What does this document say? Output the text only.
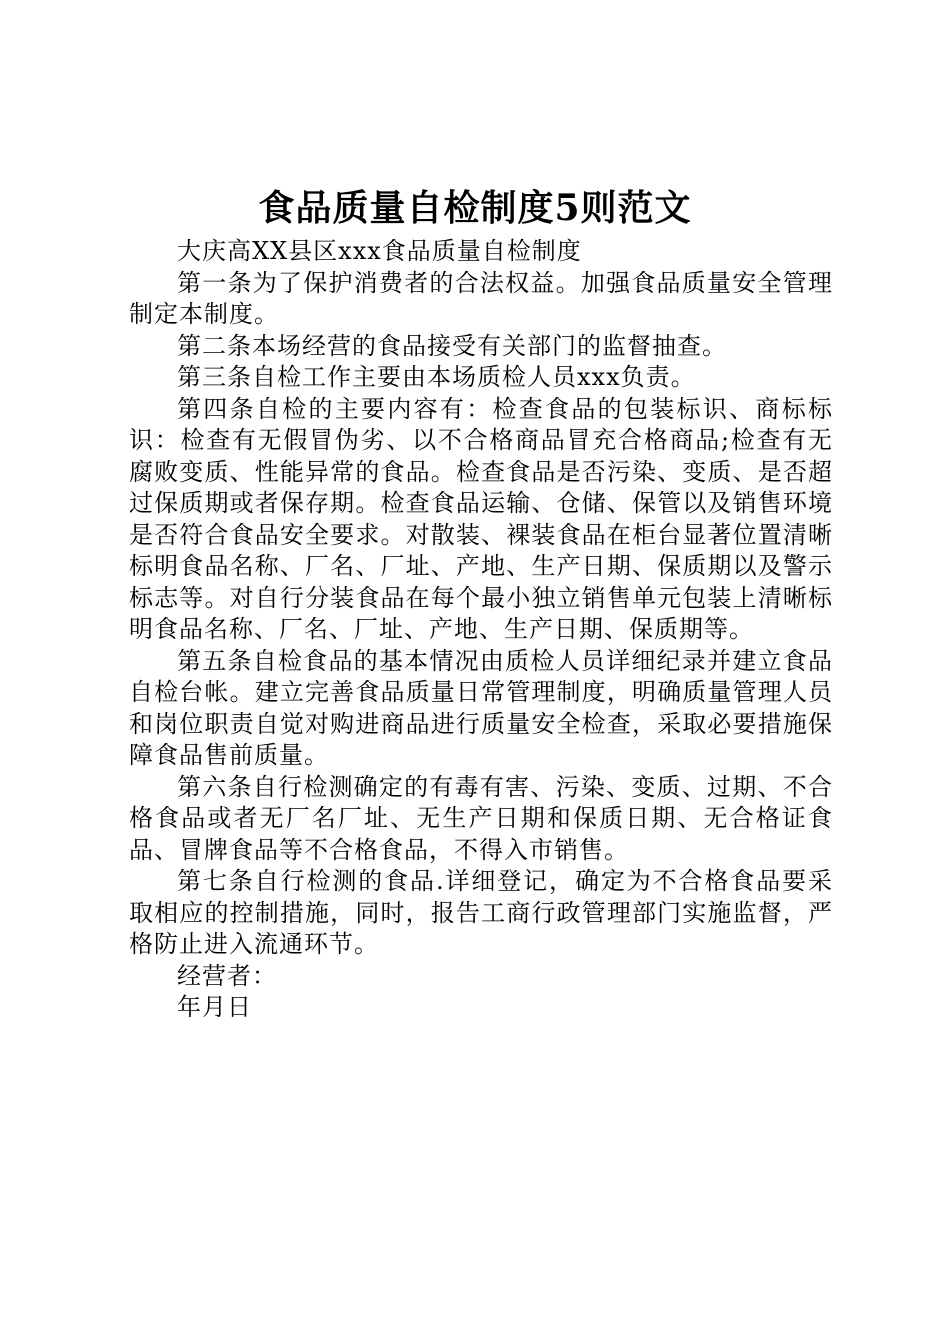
食品质量自检制度5则范文

大庆高XX县区xxx食品质量自检制度

第一条为了保护消费者的合法权益。加强食品质量安全管理制定本制度。

第二条本场经营的食品接受有关部门的监督抽查。

第三条自检工作主要由本场质检人员xxx负责。

第四条自检的主要内容有：检查食品的包装标识、商标标识：检查有无假冒伪劣、以不合格商品冒充合格商品;检查有无腐败变质、性能异常的食品。检查食品是否污染、变质、是否超过保质期或者保存期。检查食品运输、仓储、保管以及销售环境是否符合食品安全要求。对散装、裸装食品在柜台显著位置清晰标明食品名称、厂名、厂址、产地、生产日期、保质期以及警示标志等。对自行分装食品在每个最小独立销售单元包装上清晰标明食品名称、厂名、厂址、产地、生产日期、保质期等。

第五条自检食品的基本情况由质检人员详细纪录并建立食品自检台帐。建立完善食品质量日常管理制度，明确质量管理人员和岗位职责自觉对购进商品进行质量安全检查，采取必要措施保障食品售前质量。

第六条自行检测确定的有毒有害、污染、变质、过期、不合格食品或者无厂名厂址、无生产日期和保质日期、无合格证食品、冒牌食品等不合格食品，不得入市销售。

第七条自行检测的食品.详细登记，确定为不合格食品要采取相应的控制措施，同时，报告工商行政管理部门实施监督，严格防止进入流通环节。

经营者：

年月日
